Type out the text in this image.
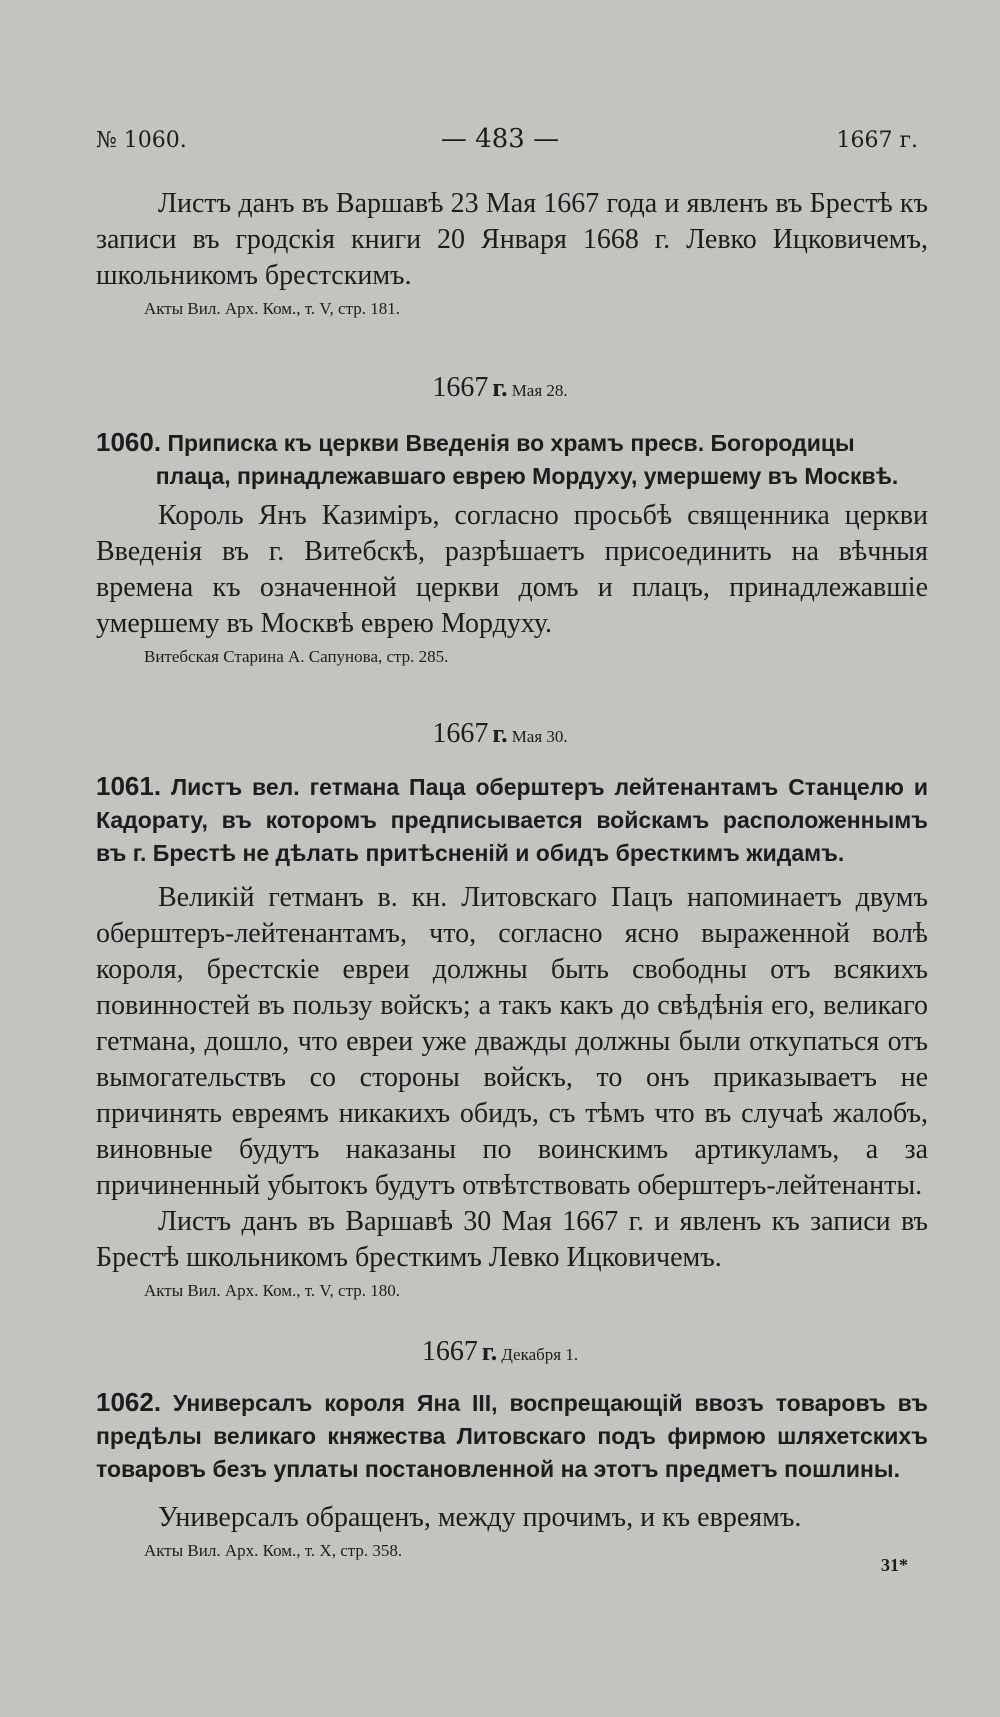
№ 1060.	— 483 —	1667 г.

Листъ данъ въ Варшавѣ 23 Мая 1667 года и явленъ въ Брестѣ къ записи въ гродскія книги 20 Января 1668 г. Левко Ицковичемъ, школьникомъ брестскимъ.

Акты Вил. Арх. Ком., т. V, стр. 181.
1667 г. Мая 28.
1060. Приписка къ церкви Введенія во храмъ пресв. Богородицы
плаца, принадлежавшаго еврею Мордуху, умершему въ Москвѣ.

Король Янъ Казиміръ, согласно просьбѣ священника церкви Введенія въ г. Витебскѣ, разрѣшаетъ присоединить на вѣчныя времена къ означенной церкви домъ и плацъ, принадлежавшіе умершему въ Москвѣ еврею Мордуху.

Витебская Старина А. Сапунова, стр. 285.
1667 г. Мая 30.

1061. Листъ вел. гетмана Паца оберштеръ лейтенантамъ Станцелю и Кадорату, въ которомъ предписывается войскамъ расположеннымъ въ г. Брестѣ не дѣлать притѣсненій и обидъ бресткимъ жидамъ.

Великій гетманъ в. кн. Литовскаго Пацъ напоминаетъ двумъ оберштеръ-лейтенантамъ, что, согласно ясно выраженной волѣ короля, брестскіе евреи должны быть свободны отъ всякихъ повинностей въ пользу войскъ; а такъ какъ до свѣдѣнія его, великаго гетмана, дошло, что евреи уже дважды должны были откупаться отъ вымогательствъ со стороны войскъ, то онъ приказываетъ не причинять евреямъ никакихъ обидъ, съ тѣмъ что въ случаѣ жалобъ, виновные будутъ наказаны по воинскимъ артикуламъ, а за причиненный убытокъ будутъ отвѣтствовать оберштеръ-лейтенанты.

Листъ данъ въ Варшавѣ 30 Мая 1667 г. и явленъ къ записи въ Брестѣ школьникомъ бресткимъ Левко Ицковичемъ.

Акты Вил. Арх. Ком., т. V, стр. 180.
1667 г. Декабря 1.

1062. Универсалъ короля Яна III, воспрещающій ввозъ товаровъ въ предѣлы великаго княжества Литовскаго подъ фирмою шляхетскихъ товаровъ безъ уплаты постановленной на этотъ предметъ пошлины.

Универсалъ обращенъ, между прочимъ, и къ евреямъ.

Акты Вил. Арх. Ком., т. X, стр. 358.
31*
